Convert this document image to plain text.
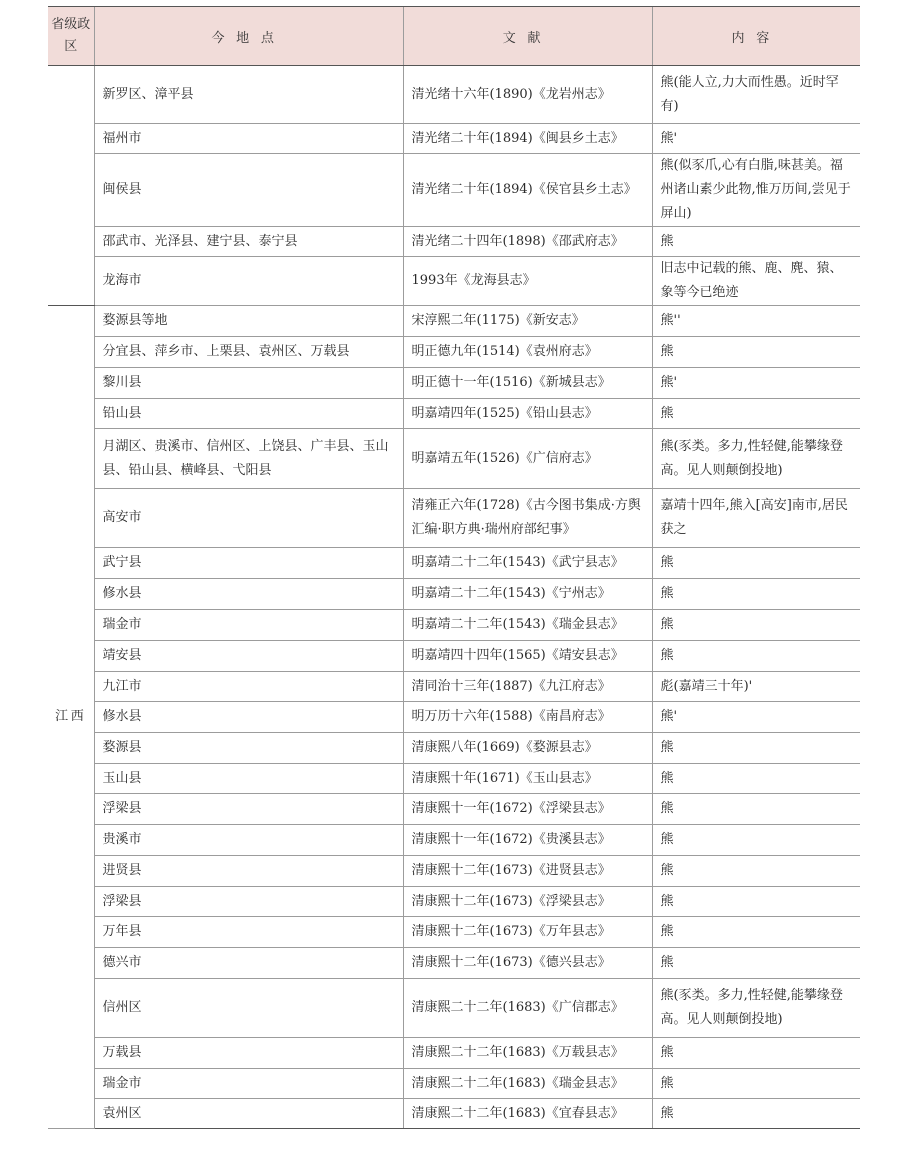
省级政区	今地点	文献	内容
	新罗区、漳平县	清光绪十六年(1890)《龙岩州志》	熊(能人立,力大而性愚。近时罕有)
	福州市	清光绪二十年(1894)《闽县乡土志》	熊'
	闽侯县	清光绪二十年(1894)《侯官县乡土志》	熊(似豕爪,心有白脂,味甚美。福州诸山素少此物,惟万历间,尝见于屏山)
	邵武市、光泽县、建宁县、泰宁县	清光绪二十四年(1898)《邵武府志》	熊
	龙海市	1993年《龙海县志》	旧志中记载的熊、鹿、麂、猿、象等今已绝迹
江西	婺源县等地	宋淳熙二年(1175)《新安志》	熊''
	分宜县、萍乡市、上栗县、袁州区、万载县	明正德九年(1514)《袁州府志》	熊
	黎川县	明正德十一年(1516)《新城县志》	熊'
	铅山县	明嘉靖四年(1525)《铅山县志》	熊
	月湖区、贵溪市、信州区、上饶县、广丰县、玉山县、铅山县、横峰县、弋阳县	明嘉靖五年(1526)《广信府志》	熊(豕类。多力,性轻健,能攀缘登高。见人则颠倒投地)
	高安市	清雍正六年(1728)《古今图书集成·方舆汇编·职方典·瑞州府部纪事》	嘉靖十四年,熊入[高安]南市,居民获之
	武宁县	明嘉靖二十二年(1543)《武宁县志》	熊
	修水县	明嘉靖二十二年(1543)《宁州志》	熊
	瑞金市	明嘉靖二十二年(1543)《瑞金县志》	熊
	靖安县	明嘉靖四十四年(1565)《靖安县志》	熊
	九江市	清同治十三年(1887)《九江府志》	彪(嘉靖三十年)'
	修水县	明万历十六年(1588)《南昌府志》	熊'
	婺源县	清康熙八年(1669)《婺源县志》	熊
	玉山县	清康熙十年(1671)《玉山县志》	熊
	浮梁县	清康熙十一年(1672)《浮梁县志》	熊
	贵溪市	清康熙十一年(1672)《贵溪县志》	熊
	进贤县	清康熙十二年(1673)《进贤县志》	熊
	浮梁县	清康熙十二年(1673)《浮梁县志》	熊
	万年县	清康熙十二年(1673)《万年县志》	熊
	德兴市	清康熙十二年(1673)《德兴县志》	熊
	信州区	清康熙二十二年(1683)《广信郡志》	熊(豕类。多力,性轻健,能攀缘登高。见人则颠倒投地)
	万载县	清康熙二十二年(1683)《万载县志》	熊
	瑞金市	清康熙二十二年(1683)《瑞金县志》	熊
	袁州区	清康熙二十二年(1683)《宜春县志》	熊
